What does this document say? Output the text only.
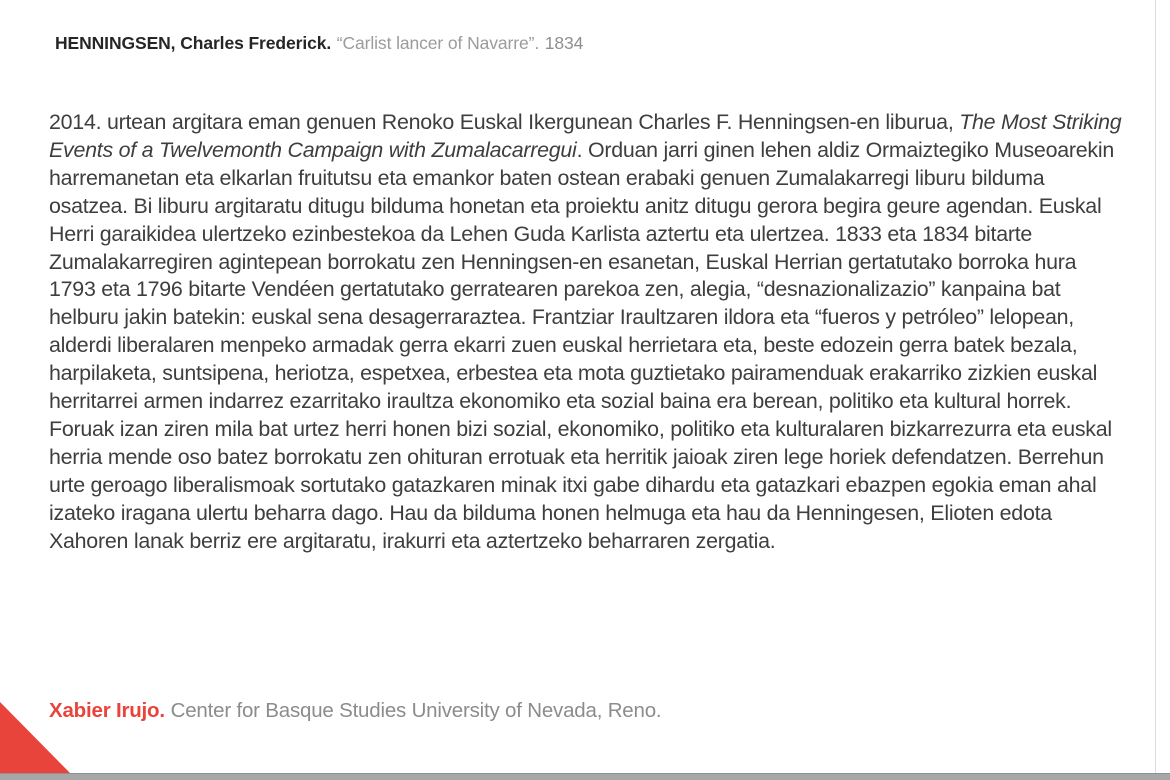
HENNINGSEN, Charles Frederick. “Carlist lancer of Navarre”. 1834
2014. urtean argitara eman genuen Renoko Euskal Ikergunean Charles F. Henningsen-en liburua, The Most Striking Events of a Twelvemonth Campaign with Zumalacarregui. Orduan jarri ginen lehen aldiz Ormaiztegiko Museoarekin harremanetan eta elkarlan fruitutsu eta emankor baten ostean erabaki genuen Zumalakarregi liburu bilduma osatzea. Bi liburu argitaratu ditugu bilduma honetan eta proiektu anitz ditugu gerora begira geure agendan. Euskal Herri garaikidea ulertzeko ezinbestekoa da Lehen Guda Karlista aztertu eta ulertzea. 1833 eta 1834 bitarte Zumalakarregiren agintepean borrokatu zen Henningsen-en esanetan, Euskal Herrian gertatutako borroka hura 1793 eta 1796 bitarte Vendéen gertatutako gerratearen parekoa zen, alegia, “desnazionalizazio” kanpaina bat helburu jakin batekin: euskal sena desagerraraztea. Frantziar Iraultzaren ildora eta “fueros y petróleo” lelopean, alderdi liberalaren menpeko armadak gerra ekarri zuen euskal herrietara eta, beste edozein gerra batek bezala, harpilaketa, suntsipena, heriotza, espetxea, erbestea eta mota guztietako pairamenduak erakarriko zizkien euskal herritarrei armen indarrez ezarritako iraultza ekonomiko eta sozial baina era berean, politiko eta kultural horrek. Foruak izan ziren mila bat urtez herri honen bizi sozial, ekonomiko, politiko eta kulturalaren bizkarrezurra eta euskal herria mende oso batez borrokatu zen ohituran errotuak eta herritik jaioak ziren lege horiek defendatzen. Berrehun urte geroago liberalismoak sortutako gatazkaren minak itxi gabe dihardu eta gatazkari ebazpen egokia eman ahal izateko iragana ulertu beharra dago. Hau da bilduma honen helmuga eta hau da Henningesen, Elioten edota Xahoren lanak berriz ere argitaratu, irakurri eta aztertzeko beharraren zergatia.
Xabier Irujo. Center for Basque Studies University of Nevada, Reno.
